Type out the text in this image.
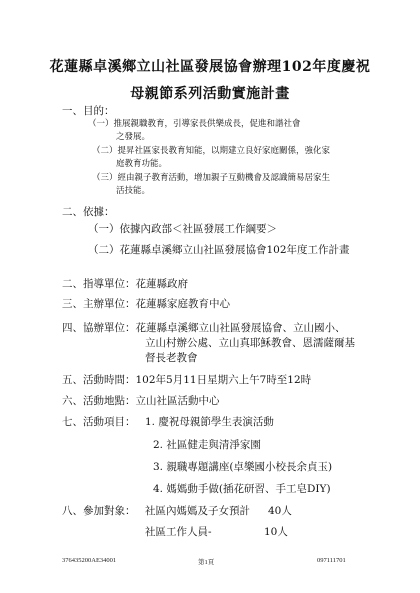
花蓮縣卓溪鄉立山社區發展協會辦理102年度慶祝
母親節系列活動實施計畫
一、目的：
（一）推展親職教育，引導家長供樂成長，促進和諧社會
之發展。
（二）提昇社區家長教育知能，以期建立良好家庭關係，強化家
庭教育功能。
（三）經由親子教育活動，增加親子互動機會及認識簡易居家生
活技能。
二、依據：
（一）依據內政部＜社區發展工作綱要＞
（二）花蓮縣卓溪鄉立山社區發展協會102年度工作計畫
二、指導單位：花蓮縣政府
三、主辦單位：花蓮縣家庭教育中心
四、協辦單位：花蓮縣卓溪鄉立山社區發展協會、立山國小、
立山村辦公處、立山真耶穌教會、恩濡薩爾基
督長老教會
五、活動時間：102年5月11日星期六上午7時至12時
六、活動地點：立山社區活動中心
七、活動項目： 1. 慶祝母親節學生表演活動
2. 社區健走與清淨家園
3. 親職專題講座(卓樂國小校長余貞玉)
4. 媽媽動手做(插花研習、手工皂DIY)
八、參加對象： 社區內媽媽及子女預計 40人
社區工作人員-	10人
376435200AE34001	第1頁	097111701
